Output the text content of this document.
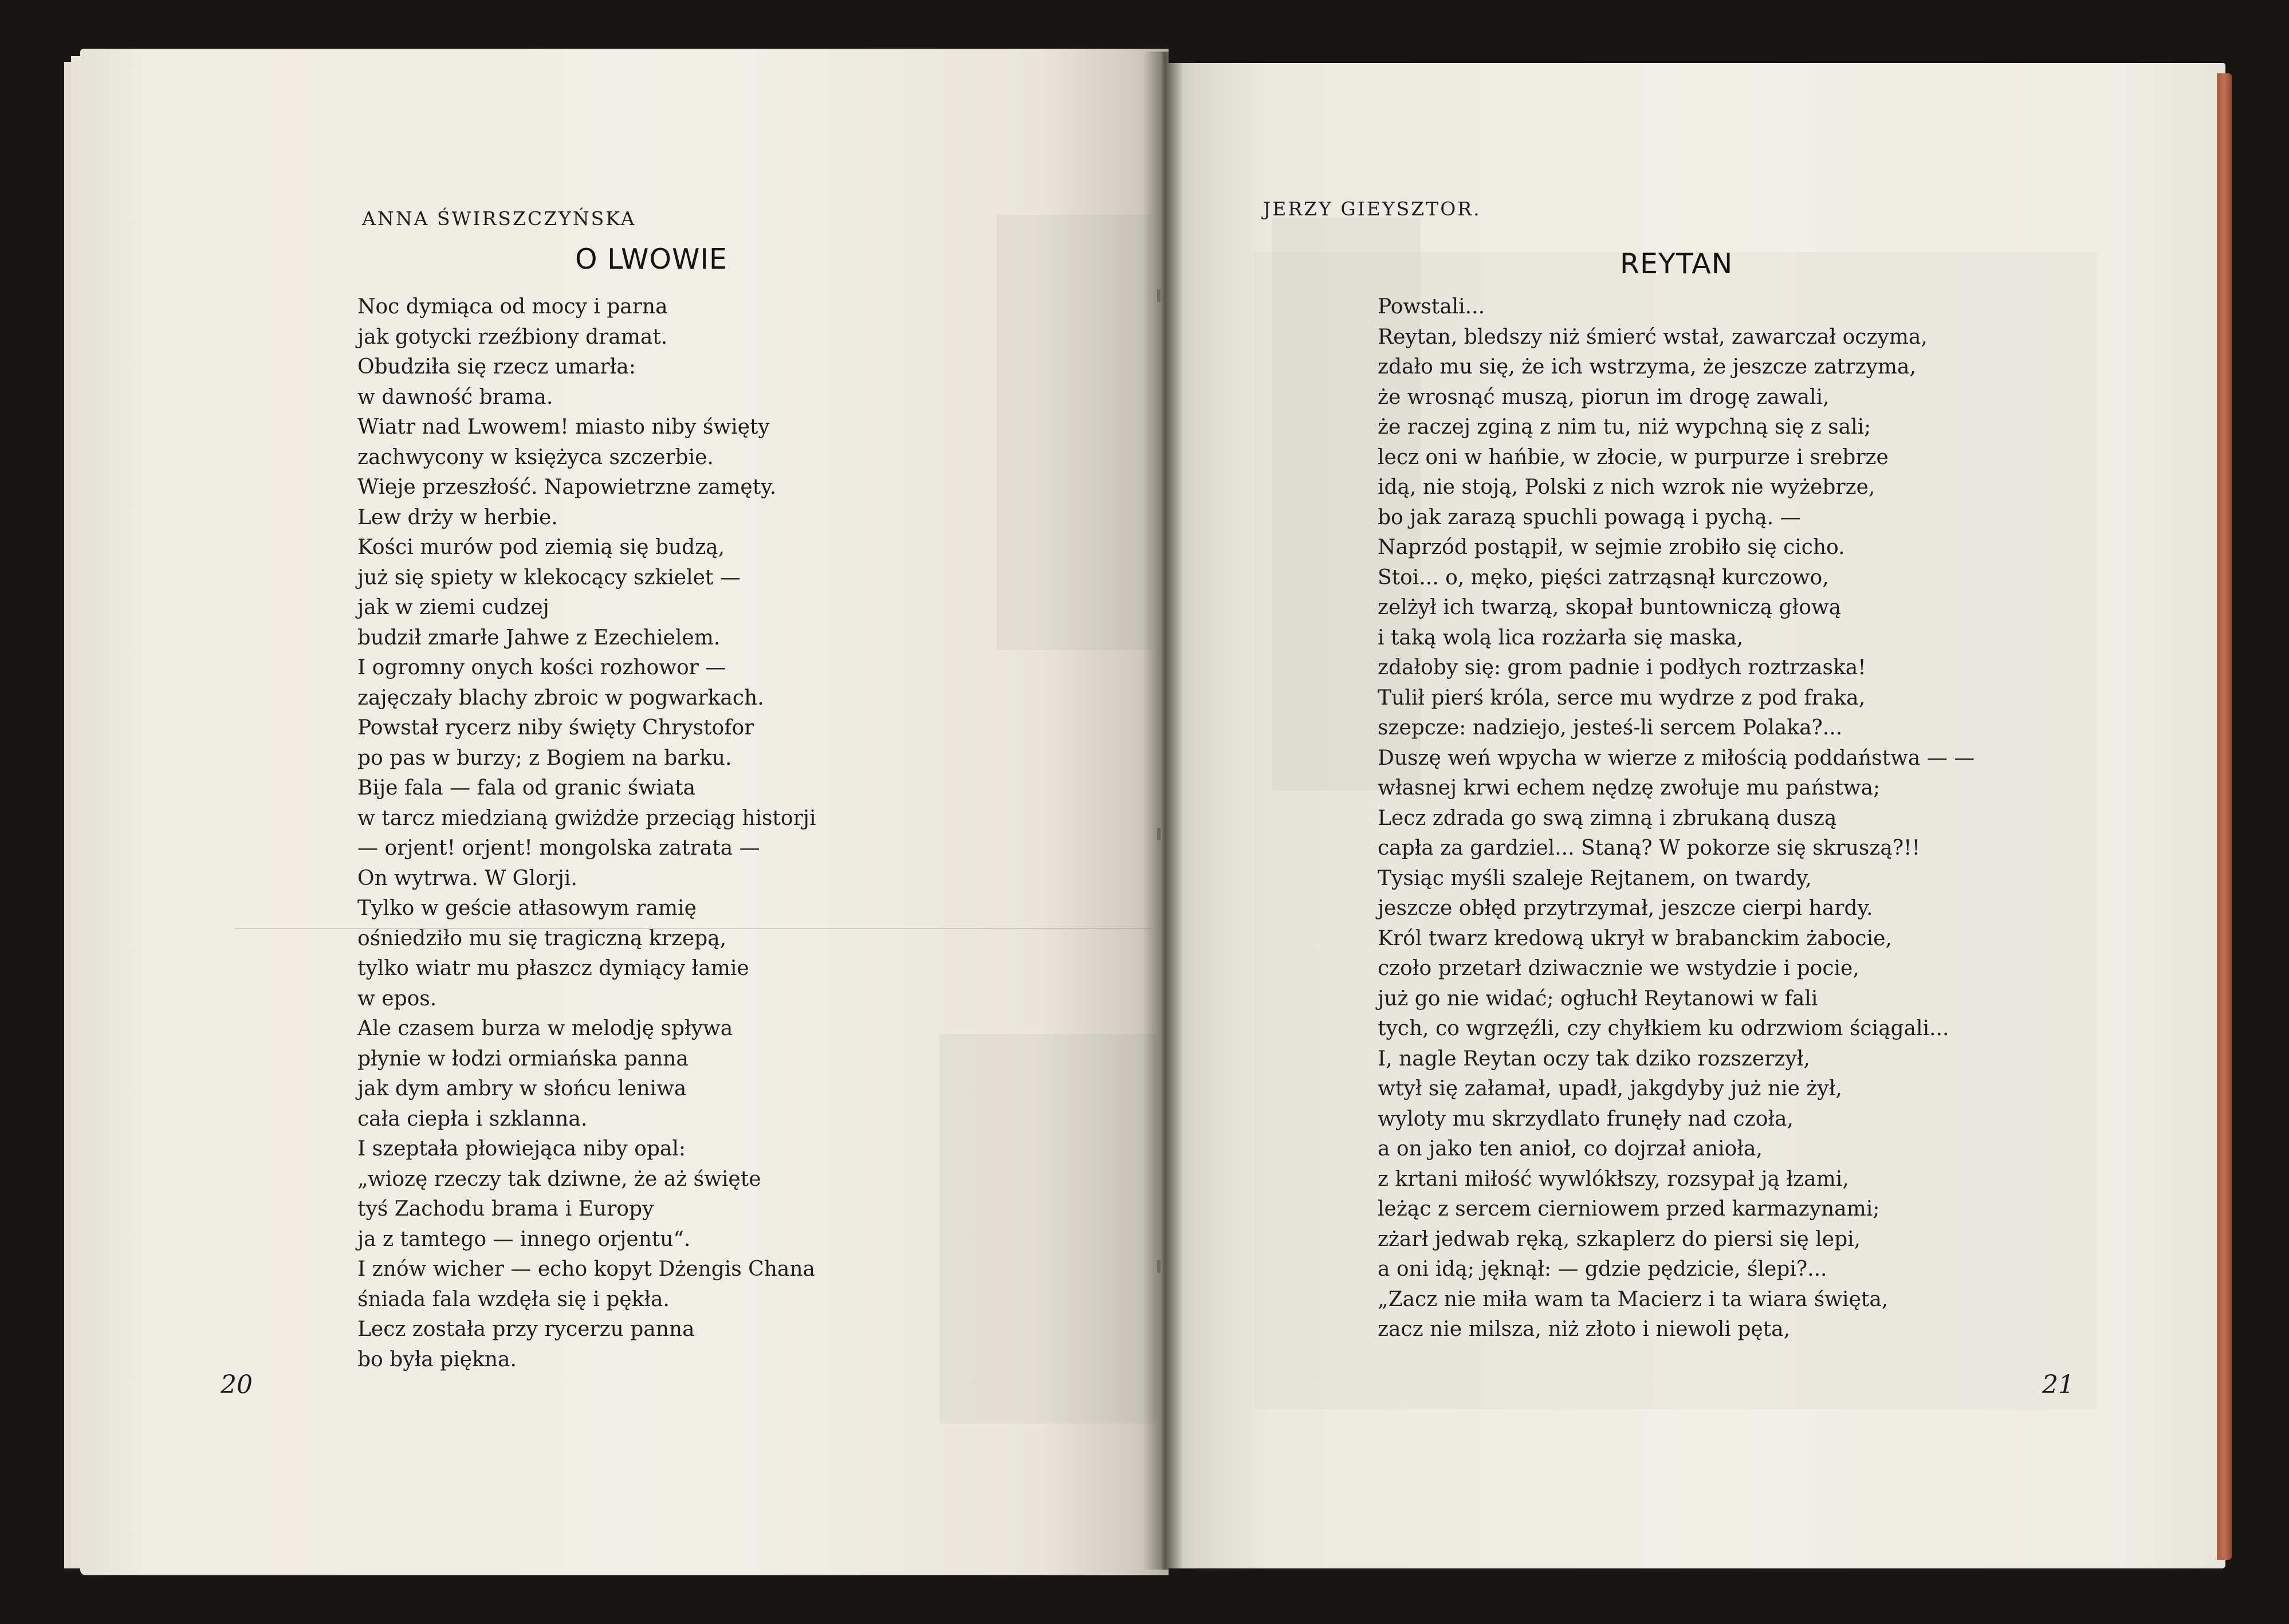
ANNA ŚWIRSZCZYŃSKA
O LWOWIE
Noc dymiąca od mocy i parna
jak gotycki rzeźbiony dramat.
Obudziła się rzecz umarła:
w dawność brama.
Wiatr nad Lwowem! miasto niby święty
zachwycony w księżyca szczerbie.
Wieje przeszłość. Napowietrzne zamęty.
Lew drży w herbie.
Kości murów pod ziemią się budzą,
już się spiety w klekocący szkielet —
jak w ziemi cudzej
budził zmarłe Jahwe z Ezechielem.
I ogromny onych kości rozhowor —
zajęczały blachy zbroic w pogwarkach.
Powstał rycerz niby święty Chrystofor
po pas w burzy; z Bogiem na barku.
Bije fala — fala od granic świata
w tarcz miedzianą gwiżdże przeciąg historji
— orjent! orjent! mongolska zatrata —
On wytrwa. W Glorji.
Tylko w geście atłasowym ramię
ośniedziło mu się tragiczną krzepą,
tylko wiatr mu płaszcz dymiący łamie
w epos.
Ale czasem burza w melodję spływa
płynie w łodzi ormiańska panna
jak dym ambry w słońcu leniwa
cała ciepła i szklanna.
I szeptała płowiejąca niby opal:
„wiozę rzeczy tak dziwne, że aż święte
tyś Zachodu brama i Europy
ja z tamtego — innego orjentu“.
I znów wicher — echo kopyt Dżengis Chana
śniada fala wzdęła się i pękła.
Lecz została przy rycerzu panna
bo była piękna.
20
JERZY GIEYSZTOR.
REYTAN
Powstali...
Reytan, bledszy niż śmierć wstał, zawarczał oczyma,
zdało mu się, że ich wstrzyma, że jeszcze zatrzyma,
że wrosnąć muszą, piorun im drogę zawali,
że raczej zginą z nim tu, niż wypchną się z sali;
lecz oni w hańbie, w złocie, w purpurze i srebrze
idą, nie stoją, Polski z nich wzrok nie wyżebrze,
bo jak zarazą spuchli powagą i pychą. —
Naprzód postąpił, w sejmie zrobiło się cicho.
Stoi... o, męko, pięści zatrząsnął kurczowo,
zelżył ich twarzą, skopał buntowniczą głową
i taką wolą lica rozżarła się maska,
zdałoby się: grom padnie i podłych roztrzaska!
Tulił pierś króla, serce mu wydrze z pod fraka,
szepcze: nadziejo, jesteś-li sercem Polaka?...
Duszę weń wpycha w wierze z miłością poddaństwa — —
własnej krwi echem nędzę zwołuje mu państwa;
Lecz zdrada go swą zimną i zbrukaną duszą
capła za gardziel... Staną? W pokorze się skruszą?!!
Tysiąc myśli szaleje Rejtanem, on twardy,
jeszcze obłęd przytrzymał, jeszcze cierpi hardy.
Król twarz kredową ukrył w brabanckim żabocie,
czoło przetarł dziwacznie we wstydzie i pocie,
już go nie widać; ogłuchł Reytanowi w fali
tych, co wgrzęźli, czy chyłkiem ku odrzwiom ściągali...
I, nagle Reytan oczy tak dziko rozszerzył,
wtył się załamał, upadł, jakgdyby już nie żył,
wyloty mu skrzydlato frunęły nad czoła,
a on jako ten anioł, co dojrzał anioła,
z krtani miłość wywlókłszy, rozsypał ją łzami,
leżąc z sercem cierniowem przed karmazynami;
zżarł jedwab ręką, szkaplerz do piersi się lepi,
a oni idą; jęknął: — gdzie pędzicie, ślepi?...
„Zacz nie miła wam ta Macierz i ta wiara święta,
zacz nie milsza, niż złoto i niewoli pęta,
21
